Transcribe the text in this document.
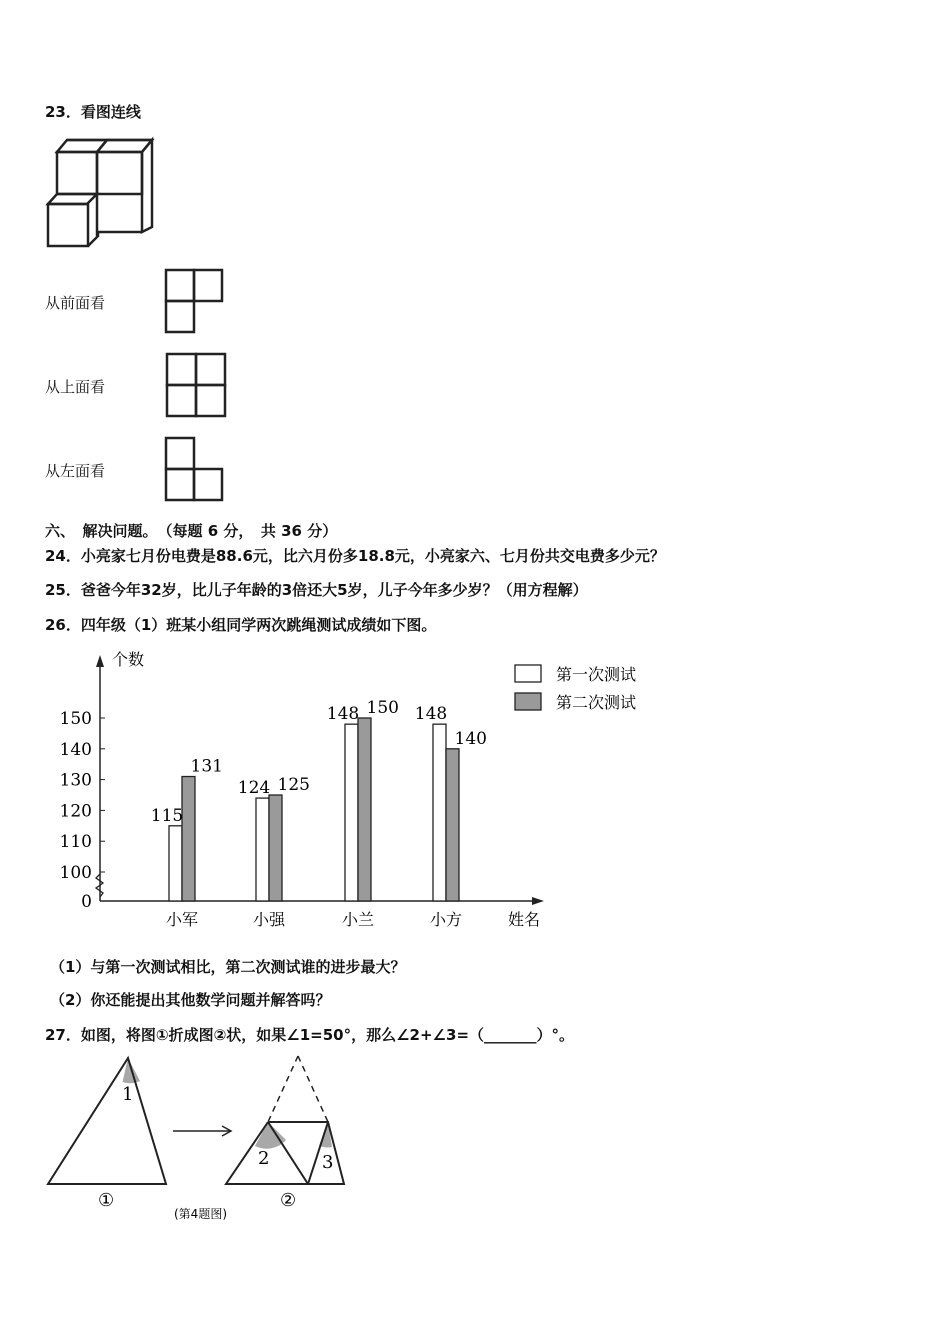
23．看图连线
从前面看
从上面看
从左面看
六、　解决问题。　（每题 6 分，　共 36 分）
24．小亮家七月份电费是88.6元，比六月份多18.8元，小亮家六、七月份共交电费多少元？
25．爸爸今年32岁，比儿子年龄的3倍还大5岁，儿子今年多少岁？（用方程解）
26．四年级（1）班某小组同学两次跳绳测试成绩如下图。
0
100
110
120
130
140
150
个数
姓名
115
131
小军
124 125
小强
148 150
小兰
148
140
小方
第一次测试
第二次测试
（1）与第一次测试相比，第二次测试谁的进步最大？
（2）你还能提出其他数学问题并解答吗？
27．如图，将图①折成图②状，如果∠1=50°，那么∠2+∠3=（_______）°。
1
2	3
①	②
(第4题图)
